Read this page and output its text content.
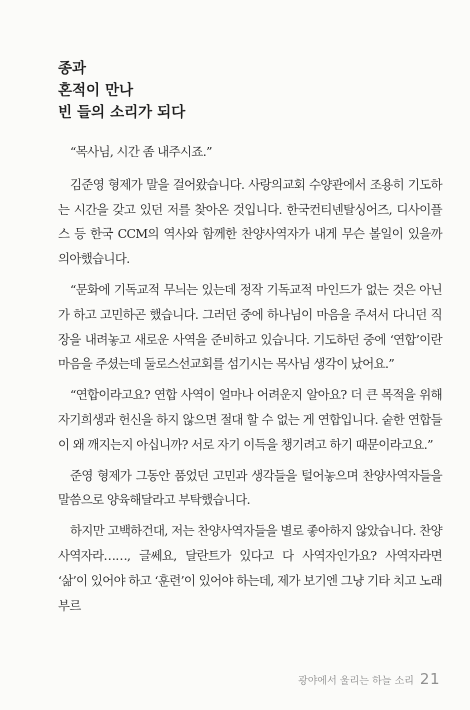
종과
혼적이 만나
빈 들의 소리가 되다

“목사님, 시간 좀 내주시죠.”

김준영 형제가 말을 걸어왔습니다. 사랑의교회 수양관에서 조용히 기도하는 시간을 갖고 있던 저를 찾아온 것입니다. 한국컨티넨탈싱어즈, 디사이플스 등 한국 CCM의 역사와 함께한 찬양사역자가 내게 무슨 볼일이 있을까 의아했습니다.

“문화에 기독교적 무늬는 있는데 정작 기독교적 마인드가 없는 것은 아닌가 하고 고민하곤 했습니다. 그러던 중에 하나님이 마음을 주셔서 다니던 직장을 내려놓고 새로운 사역을 준비하고 있습니다. 기도하던 중에 ‘연합’이란 마음을 주셨는데 둘로스선교회를 섬기시는 목사님 생각이 났어요.”

“연합이라고요? 연합 사역이 얼마나 어려운지 알아요? 더 큰 목적을 위해 자기희생과 헌신을 하지 않으면 절대 할 수 없는 게 연합입니다. 숱한 연합들이 왜 깨지는지 아십니까? 서로 자기 이득을 챙기려고 하기 때문이라고요.”

준영 형제가 그동안 품었던 고민과 생각들을 털어놓으며 찬양사역자들을 말씀으로 양육해달라고 부탁했습니다.

하지만 고백하건대, 저는 찬양사역자들을 별로 좋아하지 않았습니다. 찬양사역자라……, 글쎄요, 달란트가 있다고 다 사역자인가요? 사역자라면 ‘삶’이 있어야 하고 ‘훈련’이 있어야 하는데, 제가 보기엔 그냥 기타 치고 노래 부르

광야에서 울리는 하늘 소리 21
